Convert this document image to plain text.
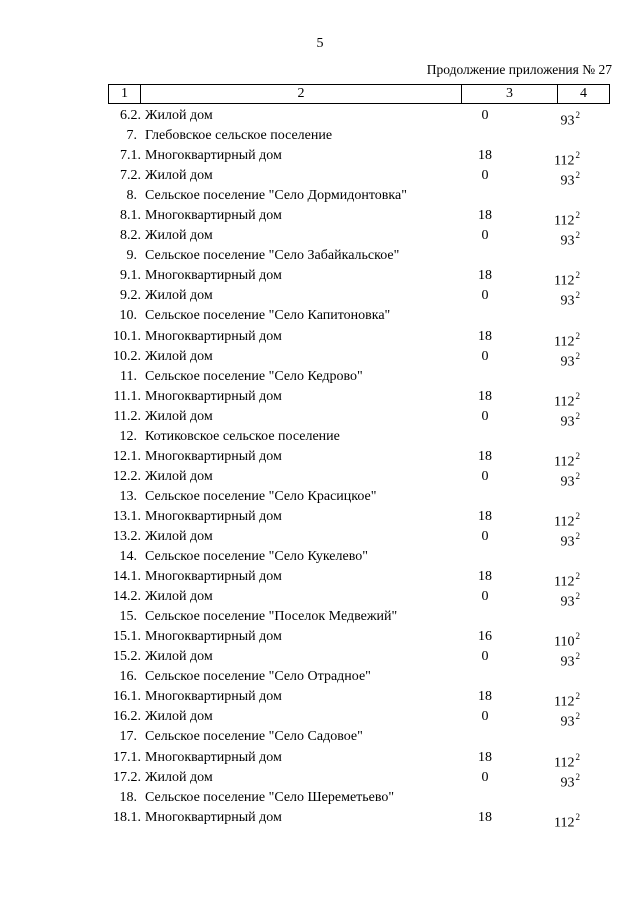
5
Продолжение приложения № 27
1	2	3	4
6.2. Жилой дом	0	$93^2$
7. Глебовское сельское поселение
7.1. Многоквартирный дом	18	$112^2$
7.2. Жилой дом	0	$93^2$
8. Сельское поселение "Село Дормидонтовка"
8.1. Многоквартирный дом	18	$112^2$
8.2. Жилой дом	0	$93^2$
9. Сельское поселение "Село Забайкальское"
9.1. Многоквартирный дом	18	$112^2$
9.2. Жилой дом	0	$93^2$
10. Сельское поселение "Село Капитоновка"
10.1. Многоквартирный дом	18	$112^2$
10.2. Жилой дом	0	$93^2$
11. Сельское поселение "Село Кедрово"
11.1. Многоквартирный дом	18	$112^2$
11.2. Жилой дом	0	$93^2$
12. Котиковское сельское поселение
12.1. Многоквартирный дом	18	$112^2$
12.2. Жилой дом	0	$93^2$
13. Сельское поселение "Село Красицкое"
13.1. Многоквартирный дом	18	$112^2$
13.2. Жилой дом	0	$93^2$
14. Сельское поселение "Село Кукелево"
14.1. Многоквартирный дом	18	$112^2$
14.2. Жилой дом	0	$93^2$
15. Сельское поселение "Поселок Медвежий"
15.1. Многоквартирный дом	16	$110^2$
15.2. Жилой дом	0	$93^2$
16. Сельское поселение "Село Отрадное"
16.1. Многоквартирный дом	18	$112^2$
16.2. Жилой дом	0	$93^2$
17. Сельское поселение "Село Садовое"
17.1. Многоквартирный дом	18	$112^2$
17.2. Жилой дом	0	$93^2$
18. Сельское поселение "Село Шереметьево"
18.1. Многоквартирный дом	18	$112^2$
